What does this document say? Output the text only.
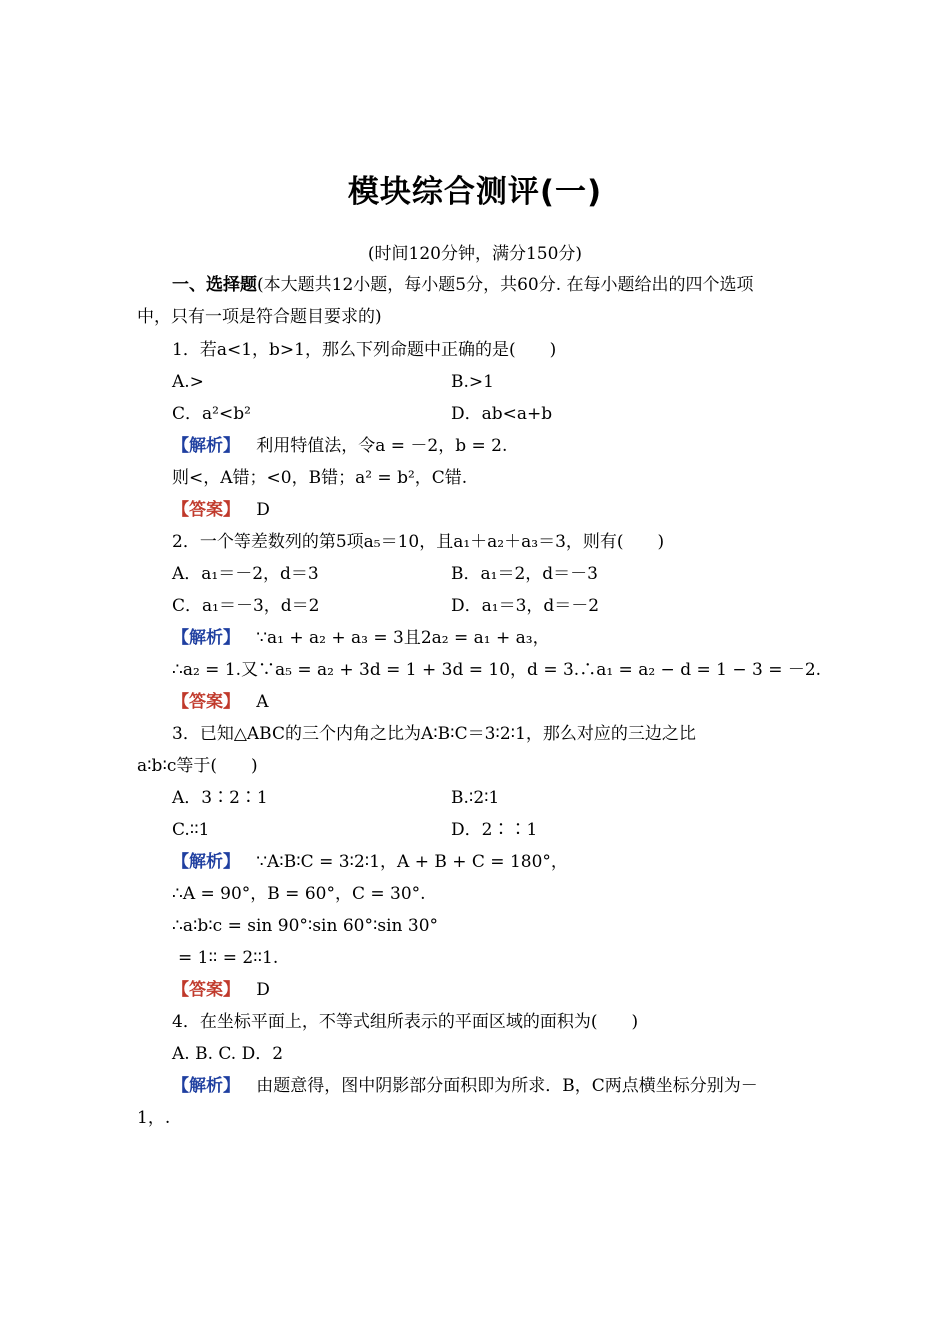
模块综合测评(一)
(时间120分钟，满分150分)
一、选择题(本大题共12小题，每小题5分，共60分. 在每小题给出的四个选项
中，只有一项是符合题目要求的)
1．若a<1，b>1，那么下列命题中正确的是(　　)
A.>	B.>1
C．a²<b²	D．ab<a+b
【解析】 利用特值法，令a = －2，b = 2.
则<，A错；<0，B错；a² = b²，C错.
【答案】 D
2．一个等差数列的第5项a₅＝10，且a₁＋a₂＋a₃＝3，则有(　　)
A．a₁＝－2，d＝3	B．a₁＝2，d＝－3
C．a₁＝－3，d＝2	D．a₁＝3，d＝－2
【解析】 ∵a₁ + a₂ + a₃ = 3且2a₂ = a₁ + a₃，
∴a₂ = 1.又∵a₅ = a₂ + 3d = 1 + 3d = 10，d = 3.∴a₁ = a₂ − d = 1 − 3 = －2.
【答案】 A
3．已知△ABC的三个内角之比为A∶B∶C＝3∶2∶1，那么对应的三边之比
a∶b∶c等于(　　)
A．3∶2∶1	B.∶2∶1
C.∶∶1	D．2∶∶1
【解析】 ∵A∶B∶C = 3∶2∶1，A + B + C = 180°，
∴A = 90°，B = 60°，C = 30°.
∴a∶b∶c = sin 90°∶sin 60°∶sin 30°
= 1∶∶ = 2∶∶1.
【答案】 D
4．在坐标平面上，不等式组所表示的平面区域的面积为(　　)
A. B. C. D．2
【解析】 由题意得，图中阴影部分面积即为所求．B，C两点横坐标分别为－
1，.
